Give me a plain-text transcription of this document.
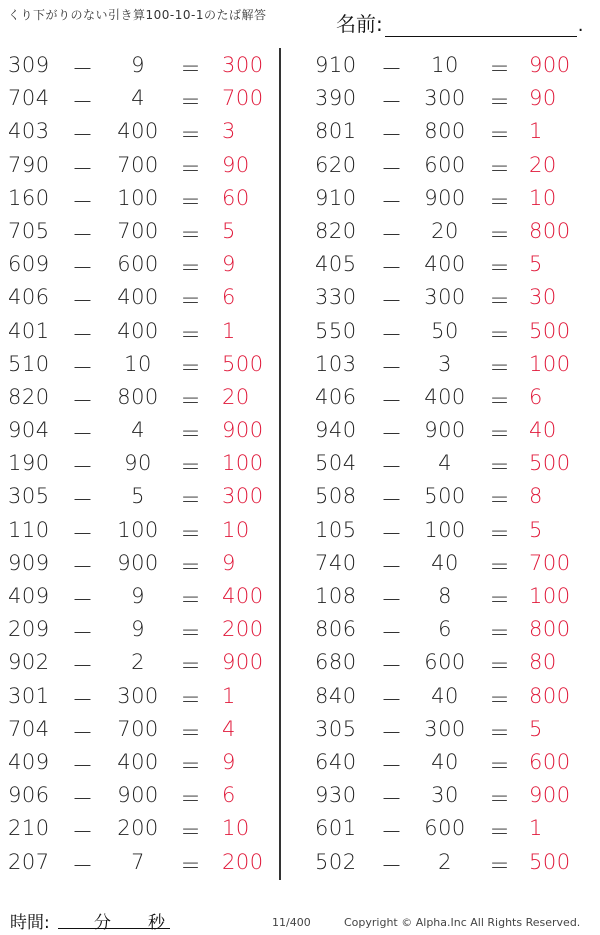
くり下がりのない引き算100-10-1のたば解答	名前:	.
309 －	9	＝ 300
704 －	4	＝ 700
403 －	400	＝ 3
790 －	700	＝ 90
160 －	100	＝ 60
705 －	700	＝ 5
609 －	600	＝ 9
406 －	400	＝ 6
401 －	400	＝ 1
510 －	10	＝ 500
820 －	800	＝ 20
904 －	4	＝ 900
190 －	90	＝ 100
305 －	5	＝ 300
110 －	100	＝ 10
909 －	900	＝ 9
409 －	9	＝ 400
209 －	9	＝ 200
902 －	2	＝ 900
301 －	300	＝ 1
704 －	700	＝ 4
409 －	400	＝ 9
906 －	900	＝ 6
210 －	200	＝ 10
207 －	7	＝ 200
910 －	10	＝ 900
390 －	300	＝ 90
801 －	800	＝ 1
620 －	600	＝ 20
910 －	900	＝ 10
820 －	20	＝ 800
405 －	400	＝ 5
330 －	300	＝ 30
550 －	50	＝ 500
103 －	3	＝ 100
406 －	400	＝ 6
940 －	900	＝ 40
504 －	4	＝ 500
508 －	500	＝ 8
105 －	100	＝ 5
740 －	40	＝ 700
108 －	8	＝ 100
806 －	6	＝ 800
680 －	600	＝ 80
840 －	40	＝ 800
305 －	300	＝ 5
640 －	40	＝ 600
930 －	30	＝ 900
601 －	600	＝ 1
502 －	2	＝ 500
時間:	分 秒	11/400	Copyright © Alpha.Inc All Rights Reserved.
